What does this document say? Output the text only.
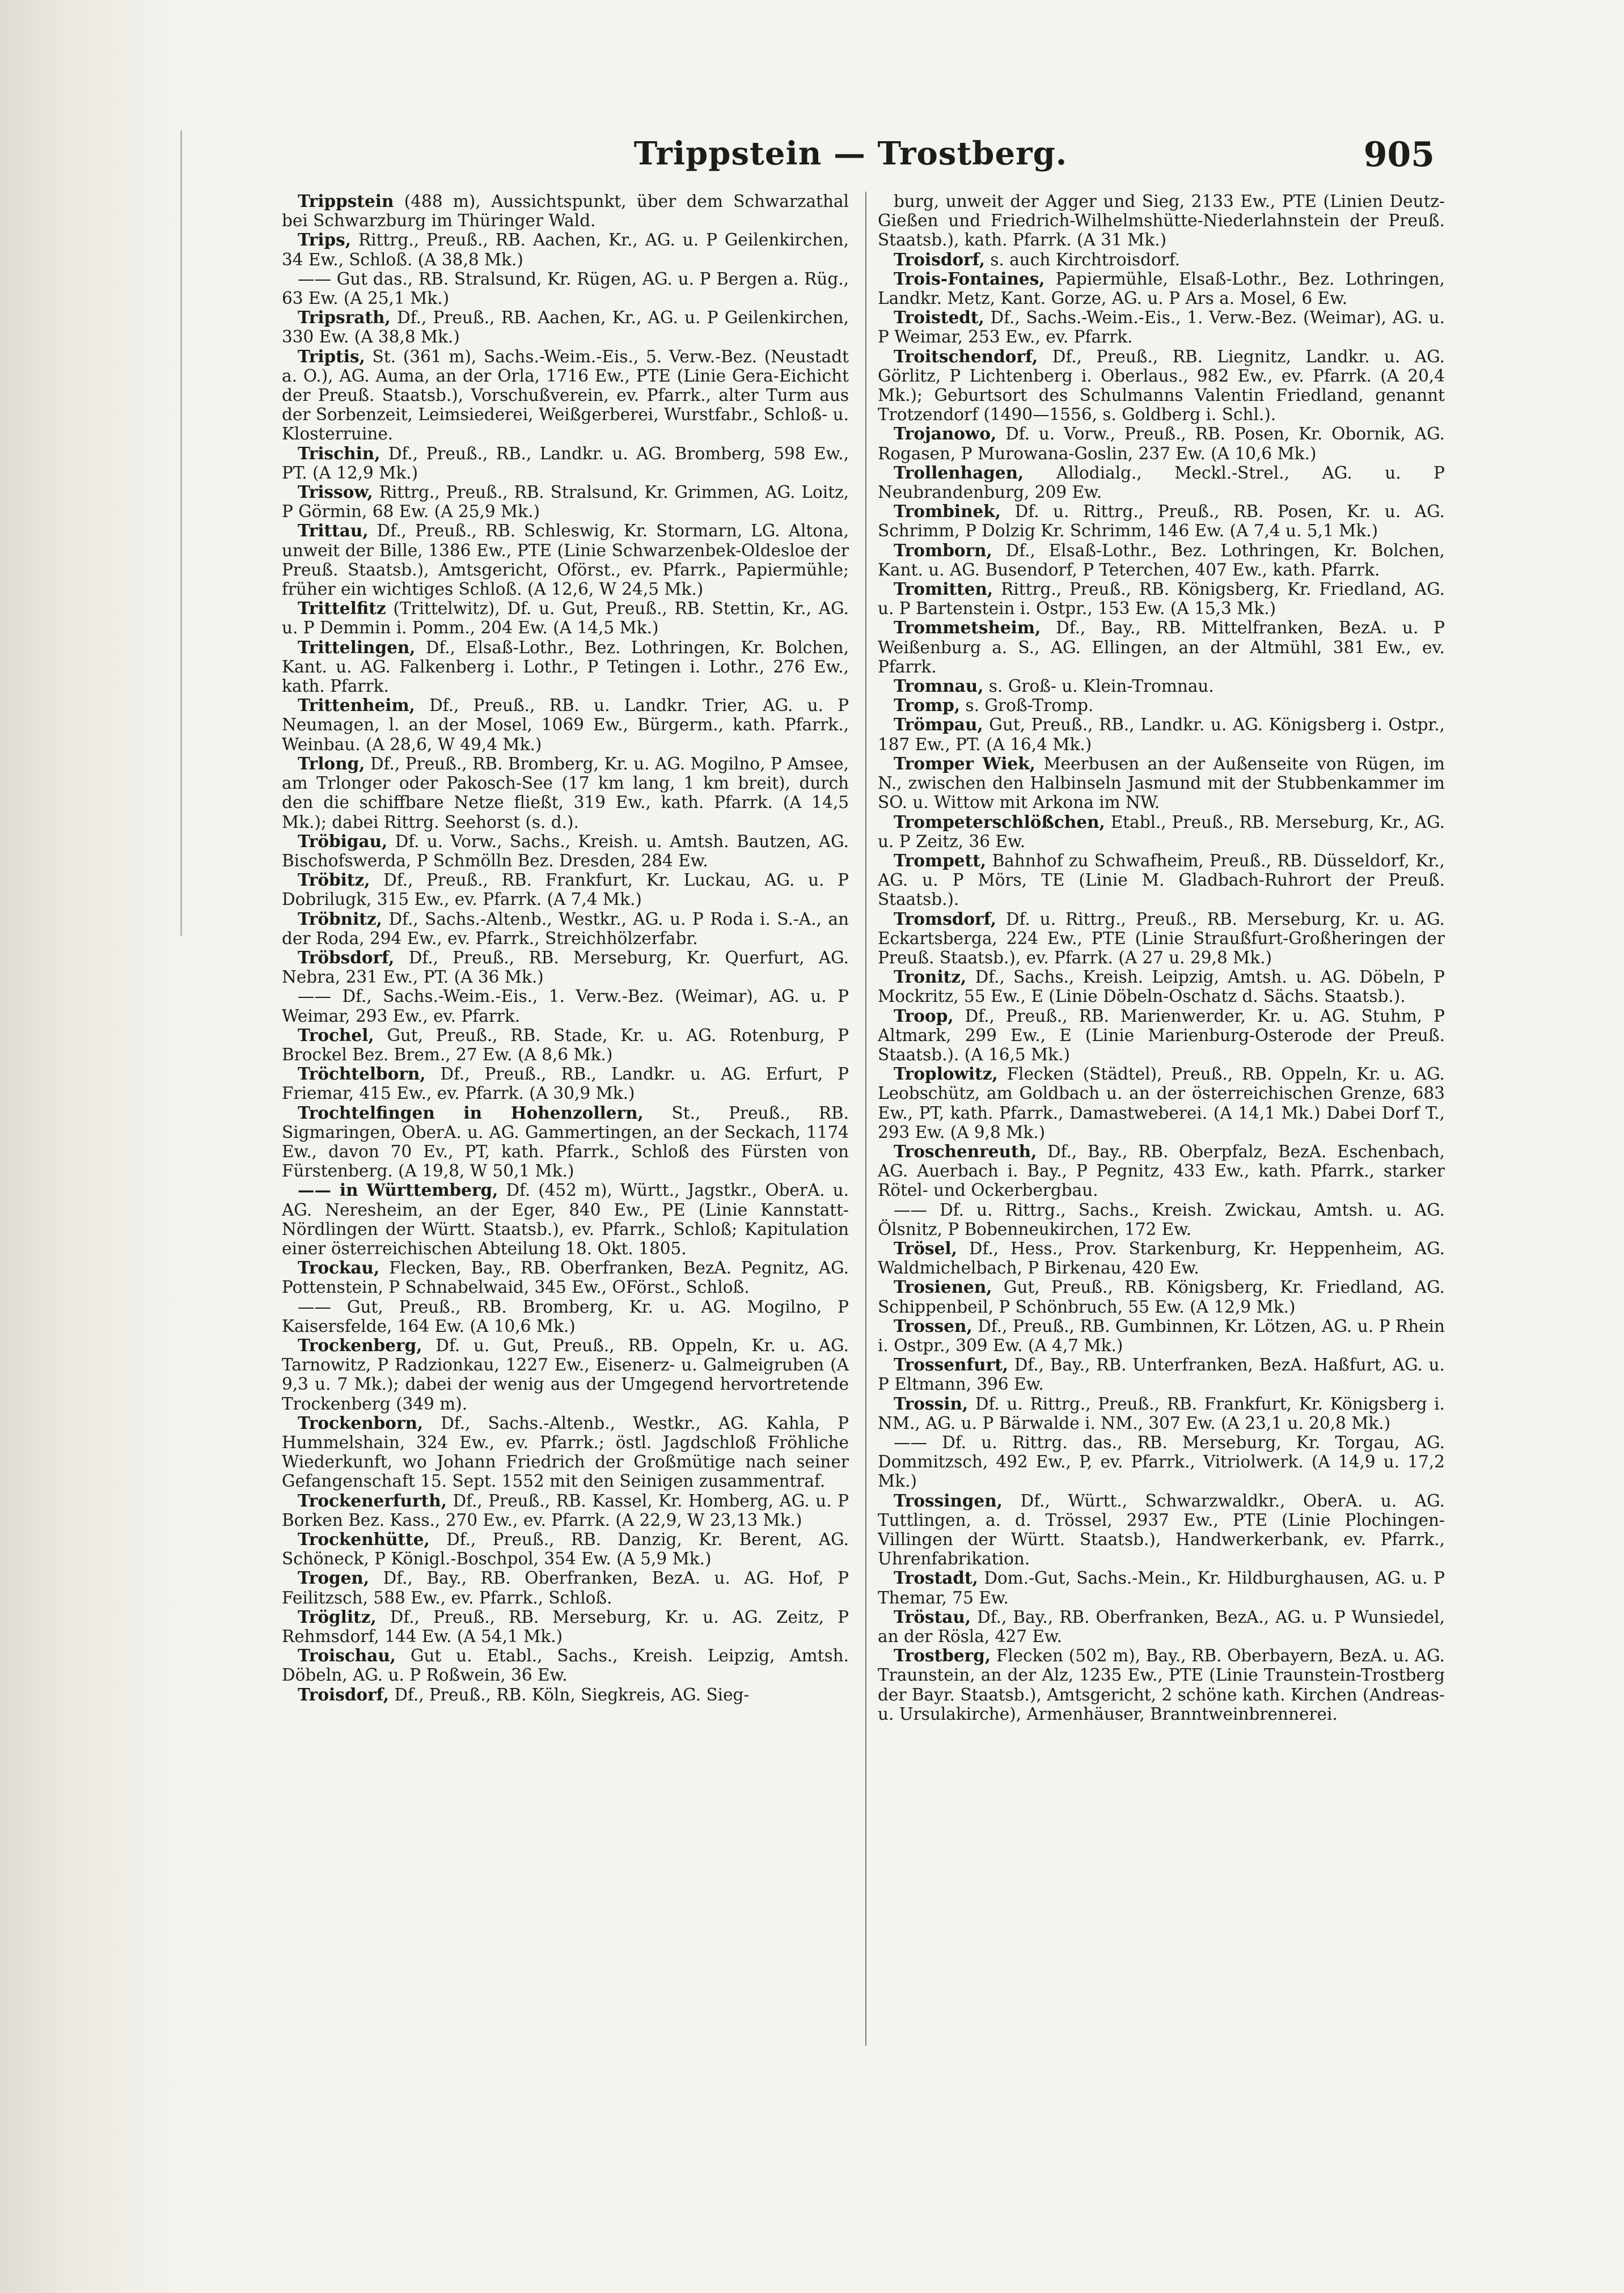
Trippstein — Trostberg.	905

Trippstein (488 m), Aussichtspunkt, über dem Schwarzathal bei Schwarzburg im Thüringer Wald.

Trips, Rittrg., Preuß., RB. Aachen, Kr., AG. u. P Geilenkirchen, 34 Ew., Schloß. (A 38,8 Mk.)

—— Gut das., RB. Stralsund, Kr. Rügen, AG. u. P Bergen a. Rüg., 63 Ew. (A 25,1 Mk.)

Tripsrath, Df., Preuß., RB. Aachen, Kr., AG. u. P Geilenkirchen, 330 Ew. (A 38,8 Mk.)

Triptis, St. (361 m), Sachs.-Weim.-Eis., 5. Verw.-Bez. (Neustadt a. O.), AG. Auma, an der Orla, 1716 Ew., PTE (Linie Gera-Eichicht der Preuß. Staatsb.), Vorschußverein, ev. Pfarrk., alter Turm aus der Sorbenzeit, Leimsiederei, Weißgerberei, Wurstfabr., Schloß- u. Klosterruine.

Trischin, Df., Preuß., RB., Landkr. u. AG. Bromberg, 598 Ew., PT. (A 12,9 Mk.)

Trissow, Rittrg., Preuß., RB. Stralsund, Kr. Grimmen, AG. Loitz, P Görmin, 68 Ew. (A 25,9 Mk.)

Trittau, Df., Preuß., RB. Schleswig, Kr. Stormarn, LG. Altona, unweit der Bille, 1386 Ew., PTE (Linie Schwarzenbek-Oldesloe der Preuß. Staatsb.), Amtsgericht, Oförst., ev. Pfarrk., Papiermühle; früher ein wichtiges Schloß. (A 12,6, W 24,5 Mk.)

Trittelfitz (Trittelwitz), Df. u. Gut, Preuß., RB. Stettin, Kr., AG. u. P Demmin i. Pomm., 204 Ew. (A 14,5 Mk.)

Trittelingen, Df., Elsaß-Lothr., Bez. Lothringen, Kr. Bolchen, Kant. u. AG. Falkenberg i. Lothr., P Tetingen i. Lothr., 276 Ew., kath. Pfarrk.

Trittenheim, Df., Preuß., RB. u. Landkr. Trier, AG. u. P Neumagen, l. an der Mosel, 1069 Ew., Bürgerm., kath. Pfarrk., Weinbau. (A 28,6, W 49,4 Mk.)

Trlong, Df., Preuß., RB. Bromberg, Kr. u. AG. Mogilno, P Amsee, am Trlonger oder Pakosch-See (17 km lang, 1 km breit), durch den die schiffbare Netze fließt, 319 Ew., kath. Pfarrk. (A 14,5 Mk.); dabei Rittrg. Seehorst (s. d.).

Tröbigau, Df. u. Vorw., Sachs., Kreish. u. Amtsh. Bautzen, AG. Bischofswerda, P Schmölln Bez. Dresden, 284 Ew.

Tröbitz, Df., Preuß., RB. Frankfurt, Kr. Luckau, AG. u. P Dobrilugk, 315 Ew., ev. Pfarrk. (A 7,4 Mk.)

Tröbnitz, Df., Sachs.-Altenb., Westkr., AG. u. P Roda i. S.-A., an der Roda, 294 Ew., ev. Pfarrk., Streichhölzerfabr.

Tröbsdorf, Df., Preuß., RB. Merseburg, Kr. Querfurt, AG. Nebra, 231 Ew., PT. (A 36 Mk.)

—— Df., Sachs.-Weim.-Eis., 1. Verw.-Bez. (Weimar), AG. u. P Weimar, 293 Ew., ev. Pfarrk.

Trochel, Gut, Preuß., RB. Stade, Kr. u. AG. Rotenburg, P Brockel Bez. Brem., 27 Ew. (A 8,6 Mk.)

Tröchtelborn, Df., Preuß., RB., Landkr. u. AG. Erfurt, P Friemar, 415 Ew., ev. Pfarrk. (A 30,9 Mk.)

Trochtelfingen in Hohenzollern, St., Preuß., RB. Sigmaringen, OberA. u. AG. Gammertingen, an der Seckach, 1174 Ew., davon 70 Ev., PT, kath. Pfarrk., Schloß des Fürsten von Fürstenberg. (A 19,8, W 50,1 Mk.)

—— in Württemberg, Df. (452 m), Württ., Jagstkr., OberA. u. AG. Neresheim, an der Eger, 840 Ew., PE (Linie Kannstatt-Nördlingen der Württ. Staatsb.), ev. Pfarrk., Schloß; Kapitulation einer österreichischen Abteilung 18. Okt. 1805.

Trockau, Flecken, Bay., RB. Oberfranken, BezA. Pegnitz, AG. Pottenstein, P Schnabelwaid, 345 Ew., OFörst., Schloß.

—— Gut, Preuß., RB. Bromberg, Kr. u. AG. Mogilno, P Kaisersfelde, 164 Ew. (A 10,6 Mk.)

Trockenberg, Df. u. Gut, Preuß., RB. Oppeln, Kr. u. AG. Tarnowitz, P Radzionkau, 1227 Ew., Eisenerz- u. Galmeigruben (A 9,3 u. 7 Mk.); dabei der wenig aus der Umgegend hervortretende Trockenberg (349 m).

Trockenborn, Df., Sachs.-Altenb., Westkr., AG. Kahla, P Hummelshain, 324 Ew., ev. Pfarrk.; östl. Jagdschloß Fröhliche Wiederkunft, wo Johann Friedrich der Großmütige nach seiner Gefangenschaft 15. Sept. 1552 mit den Seinigen zusammentraf.

Trockenerfurth, Df., Preuß., RB. Kassel, Kr. Homberg, AG. u. P Borken Bez. Kass., 270 Ew., ev. Pfarrk. (A 22,9, W 23,13 Mk.)

Trockenhütte, Df., Preuß., RB. Danzig, Kr. Berent, AG. Schöneck, P Königl.-Boschpol, 354 Ew. (A 5,9 Mk.)

Trogen, Df., Bay., RB. Oberfranken, BezA. u. AG. Hof, P Feilitzsch, 588 Ew., ev. Pfarrk., Schloß.

Tröglitz, Df., Preuß., RB. Merseburg, Kr. u. AG. Zeitz, P Rehmsdorf, 144 Ew. (A 54,1 Mk.)

Troischau, Gut u. Etabl., Sachs., Kreish. Leipzig, Amtsh. Döbeln, AG. u. P Roßwein, 36 Ew.

Troisdorf, Df., Preuß., RB. Köln, Siegkreis, AG. Sieg-

burg, unweit der Agger und Sieg, 2133 Ew., PTE (Linien Deutz-Gießen und Friedrich-Wilhelmshütte-Niederlahnstein der Preuß. Staatsb.), kath. Pfarrk. (A 31 Mk.)

Troisdorf, s. auch Kirchtroisdorf.

Trois-Fontaines, Papiermühle, Elsaß-Lothr., Bez. Lothringen, Landkr. Metz, Kant. Gorze, AG. u. P Ars a. Mosel, 6 Ew.

Troistedt, Df., Sachs.-Weim.-Eis., 1. Verw.-Bez. (Weimar), AG. u. P Weimar, 253 Ew., ev. Pfarrk.

Troitschendorf, Df., Preuß., RB. Liegnitz, Landkr. u. AG. Görlitz, P Lichtenberg i. Oberlaus., 982 Ew., ev. Pfarrk. (A 20,4 Mk.); Geburtsort des Schulmanns Valentin Friedland, genannt Trotzendorf (1490—1556, s. Goldberg i. Schl.).

Trojanowo, Df. u. Vorw., Preuß., RB. Posen, Kr. Obornik, AG. Rogasen, P Murowana-Goslin, 237 Ew. (A 10,6 Mk.)

Trollenhagen, Allodialg., Meckl.-Strel., AG. u. P Neubrandenburg, 209 Ew.

Trombinek, Df. u. Rittrg., Preuß., RB. Posen, Kr. u. AG. Schrimm, P Dolzig Kr. Schrimm, 146 Ew. (A 7,4 u. 5,1 Mk.)

Tromborn, Df., Elsaß-Lothr., Bez. Lothringen, Kr. Bolchen, Kant. u. AG. Busendorf, P Teterchen, 407 Ew., kath. Pfarrk.

Tromitten, Rittrg., Preuß., RB. Königsberg, Kr. Friedland, AG. u. P Bartenstein i. Ostpr., 153 Ew. (A 15,3 Mk.)

Trommetsheim, Df., Bay., RB. Mittelfranken, BezA. u. P Weißenburg a. S., AG. Ellingen, an der Altmühl, 381 Ew., ev. Pfarrk.

Tromnau, s. Groß- u. Klein-Tromnau.

Tromp, s. Groß-Tromp.

Trömpau, Gut, Preuß., RB., Landkr. u. AG. Königsberg i. Ostpr., 187 Ew., PT. (A 16,4 Mk.)

Tromper Wiek, Meerbusen an der Außenseite von Rügen, im N., zwischen den Halbinseln Jasmund mit der Stubbenkammer im SO. u. Wittow mit Arkona im NW.

Trompeterschlößchen, Etabl., Preuß., RB. Merseburg, Kr., AG. u. P Zeitz, 36 Ew.

Trompett, Bahnhof zu Schwafheim, Preuß., RB. Düsseldorf, Kr., AG. u. P Mörs, TE (Linie M. Gladbach-Ruhrort der Preuß. Staatsb.).

Tromsdorf, Df. u. Rittrg., Preuß., RB. Merseburg, Kr. u. AG. Eckartsberga, 224 Ew., PTE (Linie Straußfurt-Großheringen der Preuß. Staatsb.), ev. Pfarrk. (A 27 u. 29,8 Mk.)

Tronitz, Df., Sachs., Kreish. Leipzig, Amtsh. u. AG. Döbeln, P Mockritz, 55 Ew., E (Linie Döbeln-Oschatz d. Sächs. Staatsb.).

Troop, Df., Preuß., RB. Marienwerder, Kr. u. AG. Stuhm, P Altmark, 299 Ew., E (Linie Marienburg-Osterode der Preuß. Staatsb.). (A 16,5 Mk.)

Troplowitz, Flecken (Städtel), Preuß., RB. Oppeln, Kr. u. AG. Leobschütz, am Goldbach u. an der österreichischen Grenze, 683 Ew., PT, kath. Pfarrk., Damastweberei. (A 14,1 Mk.) Dabei Dorf T., 293 Ew. (A 9,8 Mk.)

Troschenreuth, Df., Bay., RB. Oberpfalz, BezA. Eschenbach, AG. Auerbach i. Bay., P Pegnitz, 433 Ew., kath. Pfarrk., starker Rötel- und Ockerbergbau.

—— Df. u. Rittrg., Sachs., Kreish. Zwickau, Amtsh. u. AG. Ölsnitz, P Bobenneukirchen, 172 Ew.

Trösel, Df., Hess., Prov. Starkenburg, Kr. Heppenheim, AG. Waldmichelbach, P Birkenau, 420 Ew.

Trosienen, Gut, Preuß., RB. Königsberg, Kr. Friedland, AG. Schippenbeil, P Schönbruch, 55 Ew. (A 12,9 Mk.)

Trossen, Df., Preuß., RB. Gumbinnen, Kr. Lötzen, AG. u. P Rhein i. Ostpr., 309 Ew. (A 4,7 Mk.)

Trossenfurt, Df., Bay., RB. Unterfranken, BezA. Haßfurt, AG. u. P Eltmann, 396 Ew.

Trossin, Df. u. Rittrg., Preuß., RB. Frankfurt, Kr. Königsberg i. NM., AG. u. P Bärwalde i. NM., 307 Ew. (A 23,1 u. 20,8 Mk.)

—— Df. u. Rittrg. das., RB. Merseburg, Kr. Torgau, AG. Dommitzsch, 492 Ew., P, ev. Pfarrk., Vitriolwerk. (A 14,9 u. 17,2 Mk.)

Trossingen, Df., Württ., Schwarzwaldkr., OberA. u. AG. Tuttlingen, a. d. Trössel, 2937 Ew., PTE (Linie Plochingen-Villingen der Württ. Staatsb.), Handwerkerbank, ev. Pfarrk., Uhrenfabrikation.

Trostadt, Dom.-Gut, Sachs.-Mein., Kr. Hildburghausen, AG. u. P Themar, 75 Ew.

Tröstau, Df., Bay., RB. Oberfranken, BezA., AG. u. P Wunsiedel, an der Rösla, 427 Ew.

Trostberg, Flecken (502 m), Bay., RB. Oberbayern, BezA. u. AG. Traunstein, an der Alz, 1235 Ew., PTE (Linie Traunstein-Trostberg der Bayr. Staatsb.), Amtsgericht, 2 schöne kath. Kirchen (Andreas- u. Ursulakirche), Armenhäuser, Branntweinbrennerei.
